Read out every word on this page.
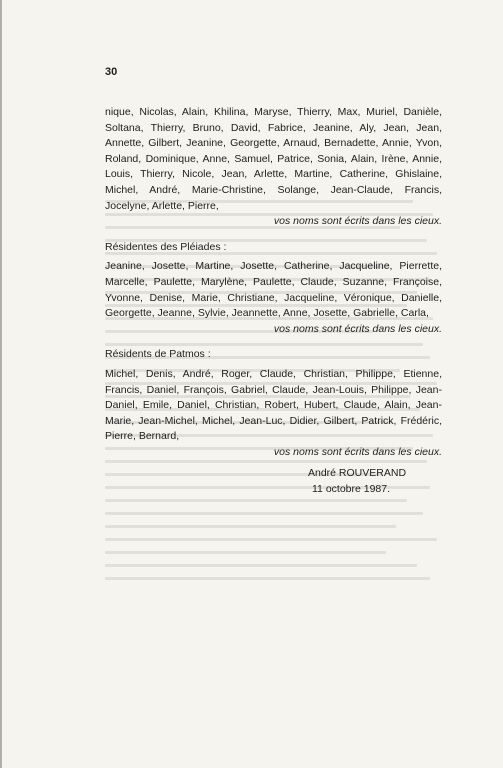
30
nique, Nicolas, Alain, Khilina, Maryse, Thierry, Max, Muriel, Danièle, Soltana, Thierry, Bruno, David, Fabrice, Jeanine, Aly, Jean, Jean, Annette, Gilbert, Jeanine, Georgette, Arnaud, Bernadette, Annie, Yvon, Roland, Dominique, Anne, Samuel, Patrice, Sonia, Alain, Irène, Annie, Louis, Thierry, Nicole, Jean, Arlette, Martine, Catherine, Ghislaine, Michel, André, Marie-Christine, Solange, Jean-Claude, Francis, Jocelyne, Arlette, Pierre,
vos noms sont écrits dans les cieux.
Résidentes des Pléiades :
Jeanine, Josette, Martine, Josette, Catherine, Jacqueline, Pierrette, Marcelle, Paulette, Marylène, Paulette, Claude, Suzanne, Françoise, Yvonne, Denise, Marie, Christiane, Jacqueline, Véronique, Danielle, Georgette, Jeanne, Sylvie, Jeannette, Anne, Josette, Gabrielle, Carla,
vos noms sont écrits dans les cieux.
Résidents de Patmos :
Michel, Denis, André, Roger, Claude, Christian, Philippe, Etienne, Francis, Daniel, François, Gabriel, Claude, Jean-Louis, Philippe, Jean-Daniel, Emile, Daniel, Christian, Robert, Hubert, Claude, Alain, Jean-Marie, Jean-Michel, Michel, Jean-Luc, Didier, Gilbert, Patrick, Frédéric, Pierre, Bernard,
vos noms sont écrits dans les cieux.
André ROUVERAND
11 octobre 1987.
